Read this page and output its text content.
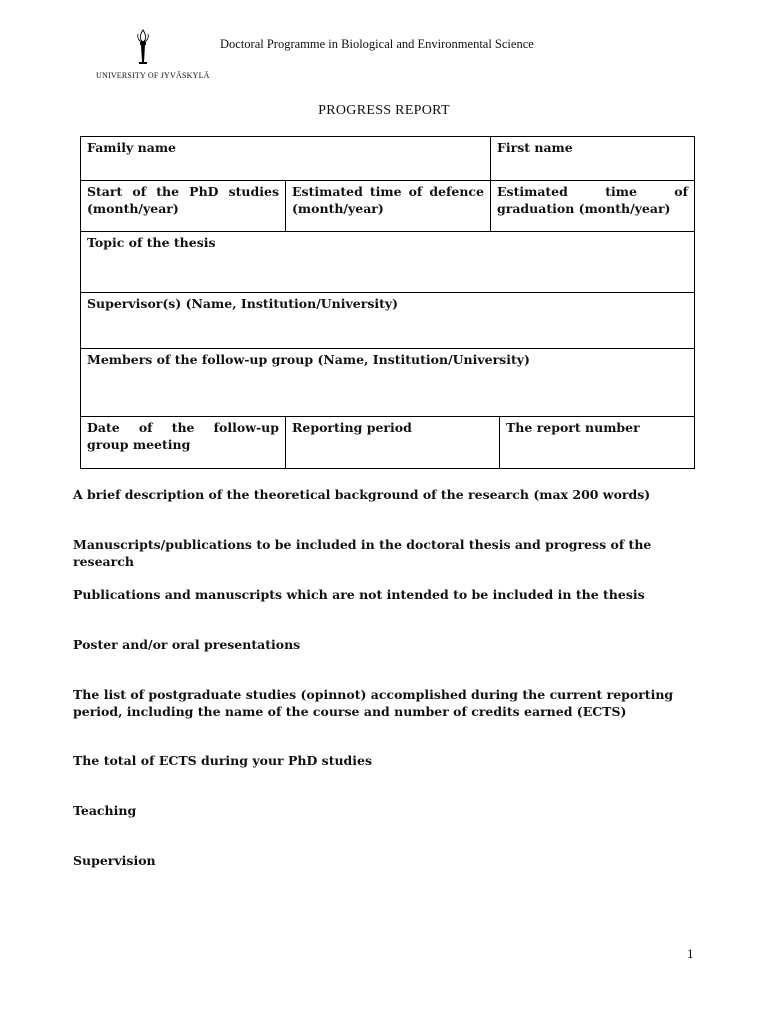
UNIVERSITY OF JYVÄSKYLÄ
Doctoral Programme in Biological and Environmental Science
PROGRESS REPORT
Family name		First name	
Start of the PhD studies (month/year)	Estimated time of defence (month/year)	Estimated time of graduation (month/year)	
Topic of the thesis			
Supervisor(s) (Name, Institution/University)			
Members of the follow-up group (Name, Institution/University)			
Date of the follow-up group meeting	Reporting period		The report number

A brief description of the theoretical background of the research (max 200 words)

Manuscripts/publications to be included in the doctoral thesis and progress of the research

Publications and manuscripts which are not intended to be included in the thesis

Poster and/or oral presentations

The list of postgraduate studies (opinnot) accomplished during the current reporting period, including the name of the course and number of credits earned (ECTS)

The total of ECTS during your PhD studies

Teaching

Supervision

1
